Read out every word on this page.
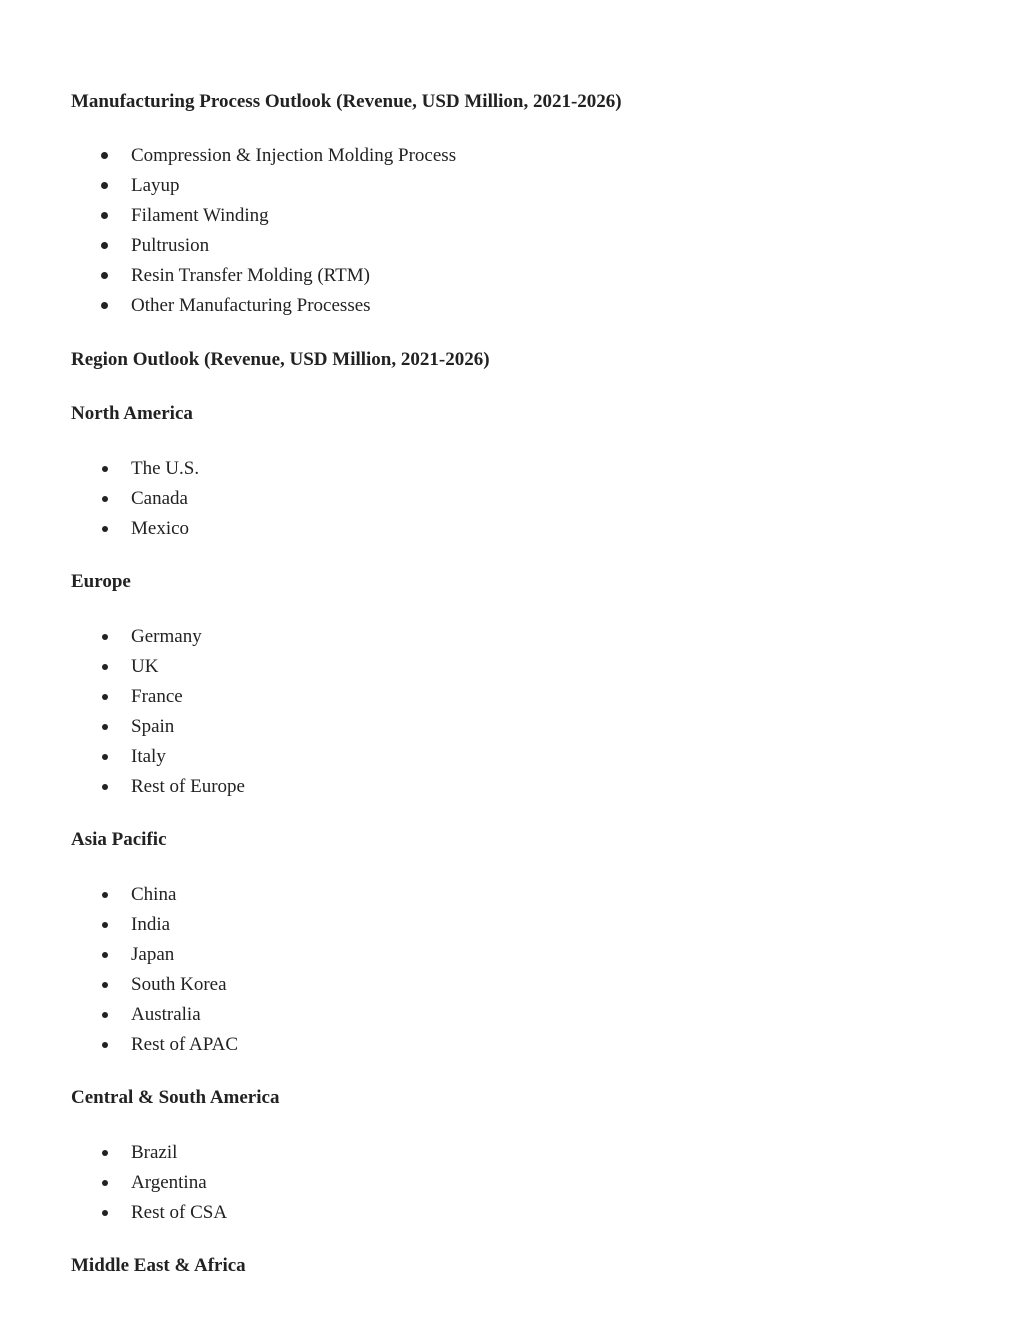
Manufacturing Process Outlook (Revenue, USD Million, 2021-2026)

Compression & Injection Molding Process
Layup
Filament Winding
Pultrusion
Resin Transfer Molding (RTM)
Other Manufacturing Processes

Region Outlook (Revenue, USD Million, 2021-2026)

North America

The U.S.
Canada
Mexico

Europe

Germany
UK
France
Spain
Italy
Rest of Europe

Asia Pacific

China
India
Japan
South Korea
Australia
Rest of APAC

Central & South America

Brazil
Argentina
Rest of CSA

Middle East & Africa
